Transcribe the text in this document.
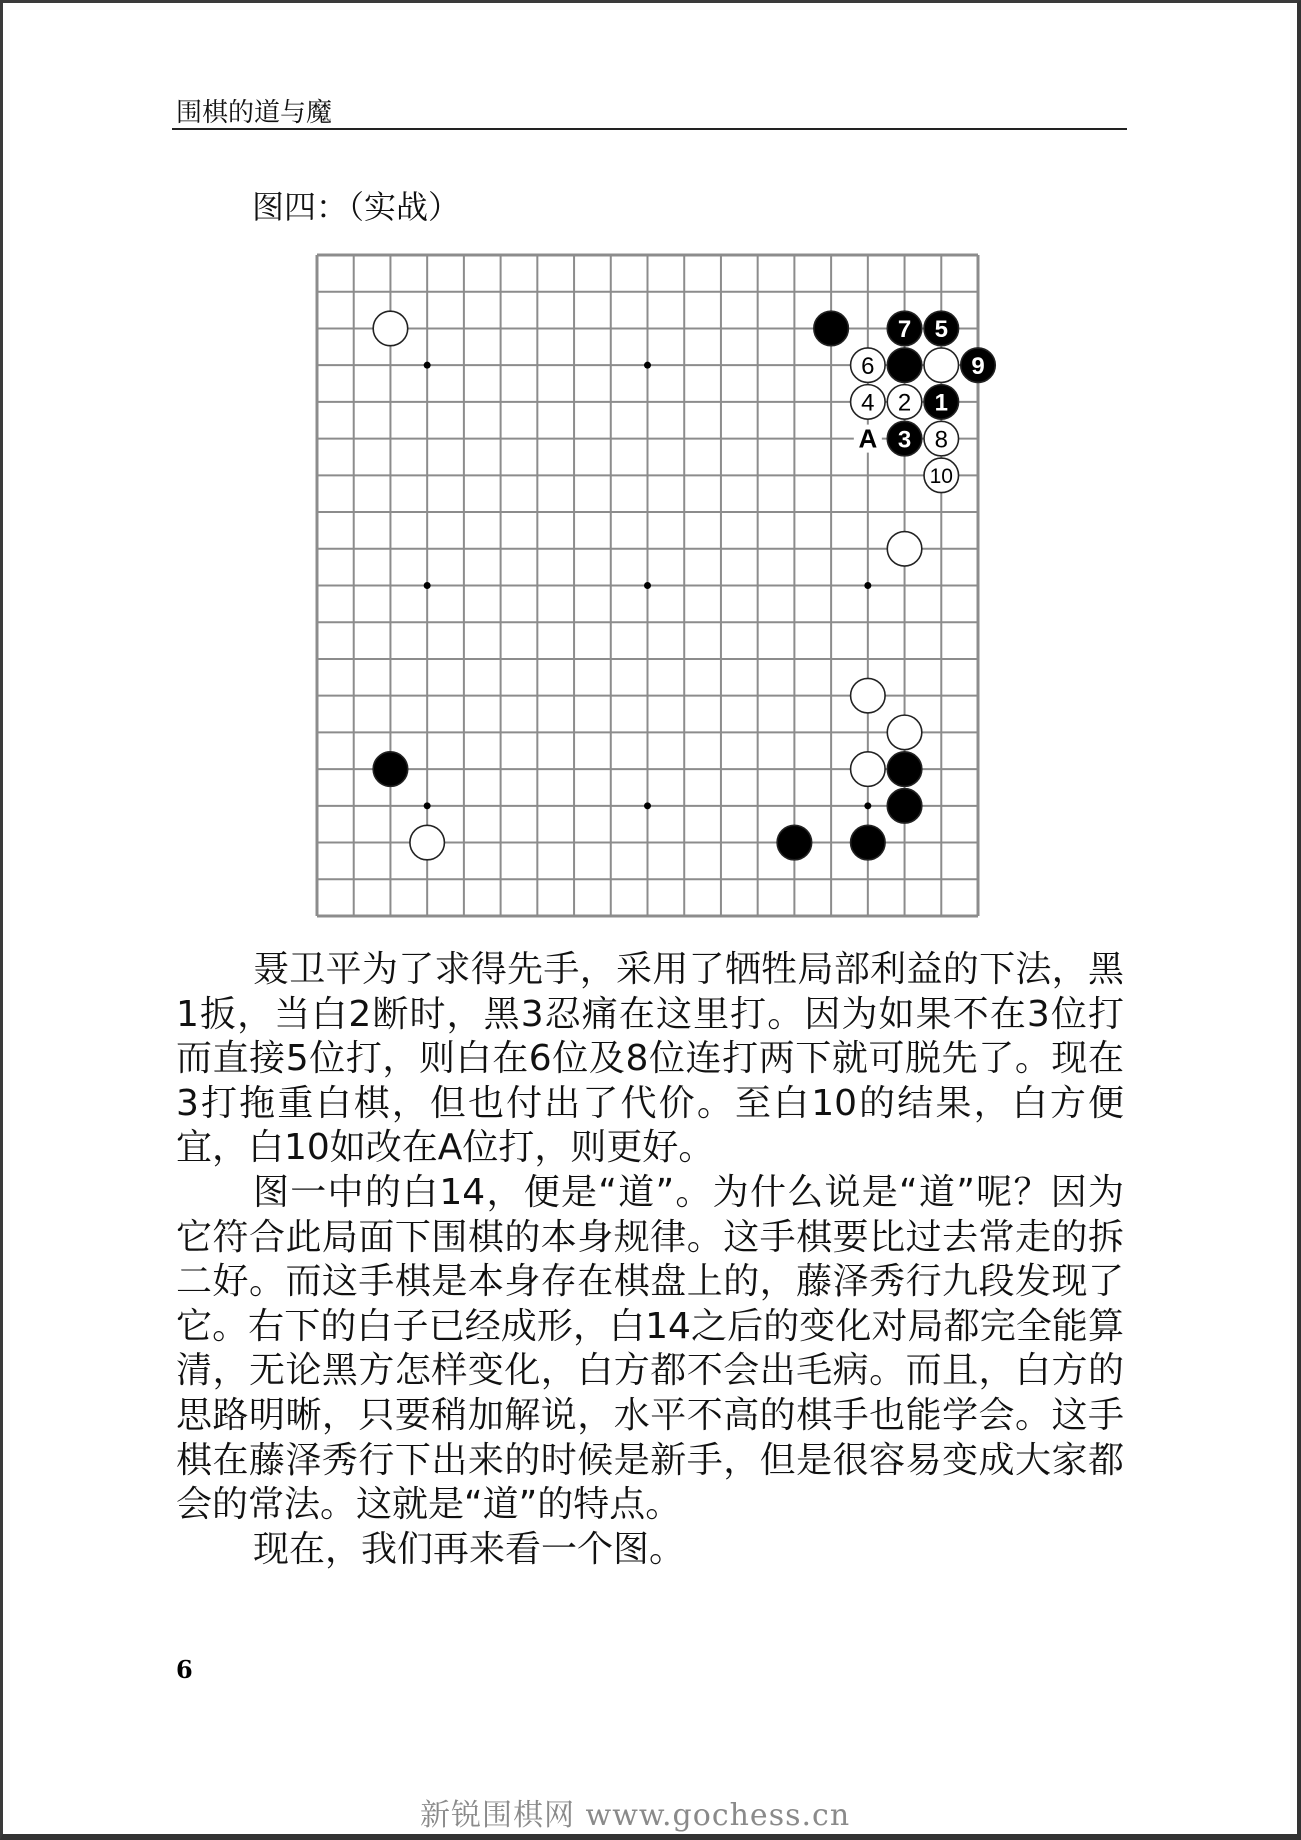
围棋的道与魔
图四：（实战）
A
7 5
6	9
4 2 1
3 8
10

聂卫平为了求得先手，采用了牺牲局部利益的下法，黑1扳，当白2断时，黑3忍痛在这里打。因为如果不在3位打而直接5位打，则白在6位及8位连打两下就可脱先了。现在3打拖重白棋，但也付出了代价。至白10的结果，白方便宜，白10如改在A位打，则更好。

图一中的白14，便是“道”。为什么说是“道”呢？因为它符合此局面下围棋的本身规律。这手棋要比过去常走的拆二好。而这手棋是本身存在棋盘上的，藤泽秀行九段发现了它。右下的白子已经成形，白14之后的变化对局都完全能算清，无论黑方怎样变化，白方都不会出毛病。而且，白方的思路明晰，只要稍加解说，水平不高的棋手也能学会。这手棋在藤泽秀行下出来的时候是新手，但是很容易变成大家都会的常法。这就是“道”的特点。

现在，我们再来看一个图。

6
新锐围棋网 www.gochess.cn
